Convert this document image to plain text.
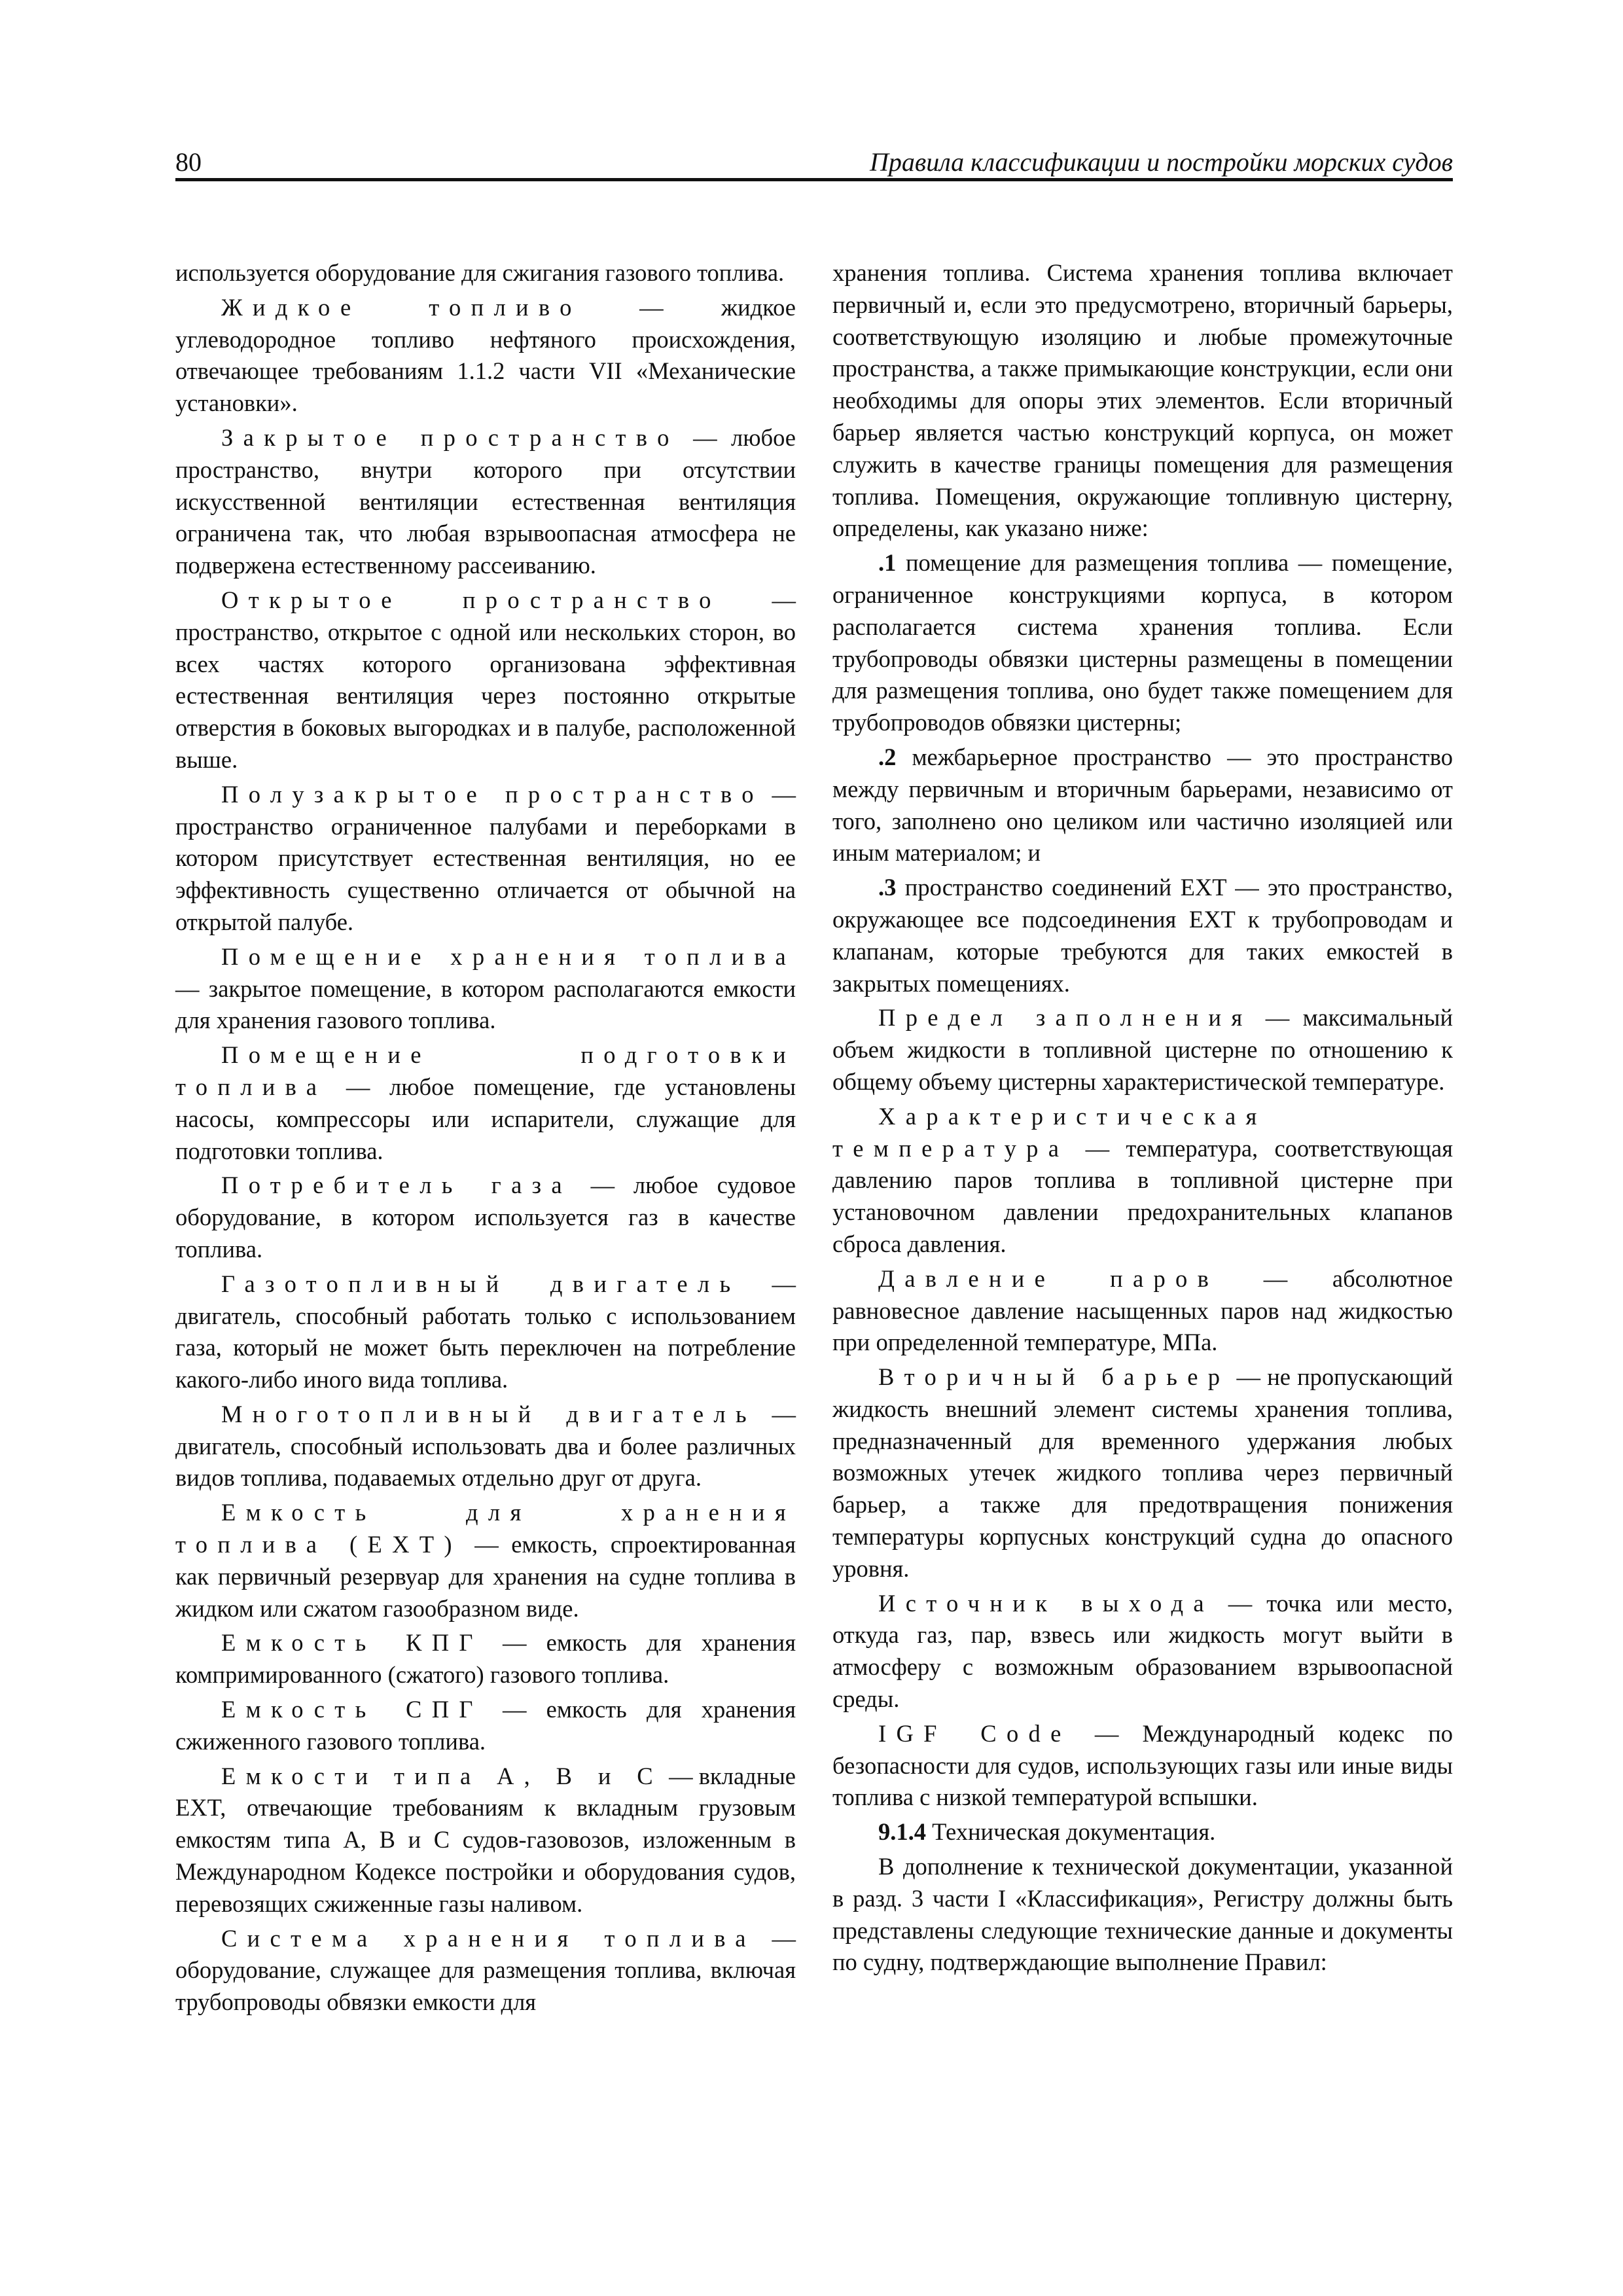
80	Правила классификации и постройки морских судов

используется оборудование для сжигания газового топлива.

Жидкое топливо — жидкое углеводородное топливо нефтяного происхождения, отвечающее требованиям 1.1.2 части VII «Механические установки».

Закрытое пространство — любое пространство, внутри которого при отсутствии искусственной вентиляции естественная вентиляция ограничена так, что любая взрывоопасная атмосфера не подвержена естественному рассеиванию.

Открытое пространство — пространство, открытое с одной или нескольких сторон, во всех частях которого организована эффективная естественная вентиляция через постоянно открытые отверстия в боковых выгородках и в палубе, расположенной выше.

Полузакрытое пространство — пространство ограниченное палубами и переборками в котором присутствует естественная вентиляция, но ее эффективность существенно отличается от обычной на открытой палубе.

Помещение хранения топлива — закрытое помещение, в котором располагаются емкости для хранения газового топлива.

Помещение подготовки топлива — любое помещение, где установлены насосы, компрессоры или испарители, служащие для подготовки топлива.

Потребитель газа — любое судовое оборудование, в котором используется газ в качестве топлива.

Газотопливный двигатель — двигатель, способный работать только с использованием газа, который не может быть переключен на потребление какого-либо иного вида топлива.

Многотопливный двигатель — двигатель, способный использовать два и более различных видов топлива, подаваемых отдельно друг от друга.

Емкость для хранения топлива (EXT) — емкость, спроектированная как первичный резервуар для хранения на судне топлива в жидком или сжатом газообразном виде.

Емкость КПГ — емкость для хранения компримированного (сжатого) газового топлива.

Емкость СПГ — емкость для хранения сжиженного газового топлива.

Емкости типа А, В и С — вкладные EXT, отвечающие требованиям к вкладным грузовым емкостям типа А, В и С судов-газовозов, изложенным в Международном Кодексе постройки и оборудования судов, перевозящих сжиженные газы наливом.

Система хранения топлива — оборудование, служащее для размещения топлива, включая трубопроводы обвязки емкости для

хранения топлива. Система хранения топлива включает первичный и, если это предусмотрено, вторичный барьеры, соответствующую изоляцию и любые промежуточные пространства, а также примыкающие конструкции, если они необходимы для опоры этих элементов. Если вторичный барьер является частью конструкций корпуса, он может служить в качестве границы помещения для размещения топлива. Помещения, окружающие топливную цистерну, определены, как указано ниже:

.1 помещение для размещения топлива — помещение, ограниченное конструкциями корпуса, в котором располагается система хранения топлива. Если трубопроводы обвязки цистерны размещены в помещении для размещения топлива, оно будет также помещением для трубопроводов обвязки цистерны;

.2 межбарьерное пространство — это пространство между первичным и вторичным барьерами, независимо от того, заполнено оно целиком или частично изоляцией или иным материалом; и

.3 пространство соединений EXT — это пространство, окружающее все подсоединения EXT к трубопроводам и клапанам, которые требуются для таких емкостей в закрытых помещениях.

Предел заполнения — максимальный объем жидкости в топливной цистерне по отношению к общему объему цистерны характеристической температуре.

Характеристическая температура — температура, соответствующая давлению паров топлива в топливной цистерне при установочном давлении предохранительных клапанов сброса давления.

Давление паров — абсолютное равновесное давление насыщенных паров над жидкостью при определенной температуре, МПа.

Вторичный барьер — не пропускающий жидкость внешний элемент системы хранения топлива, предназначенный для временного удержания любых возможных утечек жидкого топлива через первичный барьер, а также для предотвращения понижения температуры корпусных конструкций судна до опасного уровня.

Источник выхода — точка или место, откуда газ, пар, взвесь или жидкость могут выйти в атмосферу с возможным образованием взрывоопасной среды.

IGF Code — Международный кодекс по безопасности для судов, использующих газы или иные виды топлива с низкой температурой вспышки.

9.1.4 Техническая документация.

В дополнение к технической документации, указанной в разд. 3 части I «Классификация», Регистру должны быть представлены следующие технические данные и документы по судну, подтверждающие выполнение Правил:
